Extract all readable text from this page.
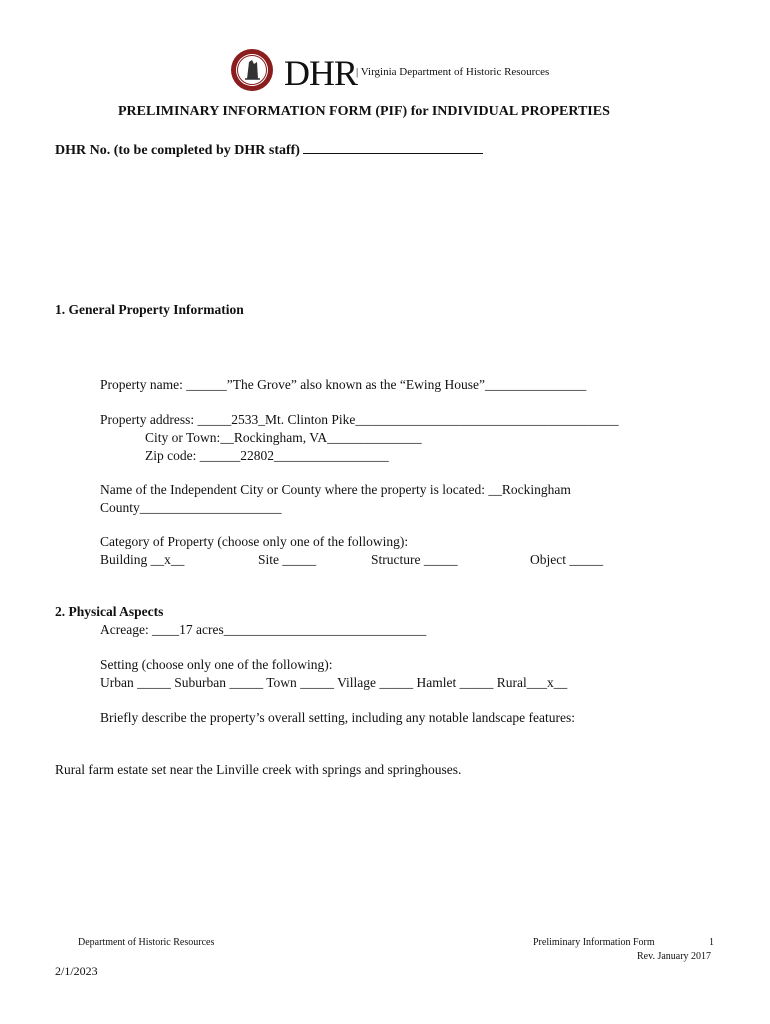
DHR
| Virginia Department of Historic Resources
PRELIMINARY INFORMATION FORM (PIF) for INDIVIDUAL PROPERTIES
DHR No. (to be completed by DHR staff)
1. General Property Information
Property name: ______”The Grove” also known as the “Ewing House”_______________
Property address: _____2533_Mt. Clinton Pike_______________________________________
City or Town:__Rockingham, VA______________
Zip code: ______22802_________________
Name of the Independent City or County where the property is located: __Rockingham
County_____________________
Category of Property (choose only one of the following):
Building __x__	Site _____	Structure _____	Object _____
2. Physical Aspects
Acreage: ____17 acres______________________________
Setting (choose only one of the following):
Urban _____ Suburban _____ Town _____ Village _____ Hamlet _____ Rural___x__
Briefly describe the property’s overall setting, including any notable landscape features:
Rural farm estate set near the Linville creek with springs and springhouses.
Department of Historic Resources	Preliminary Information Form	1
Rev. January 2017
2/1/2023
